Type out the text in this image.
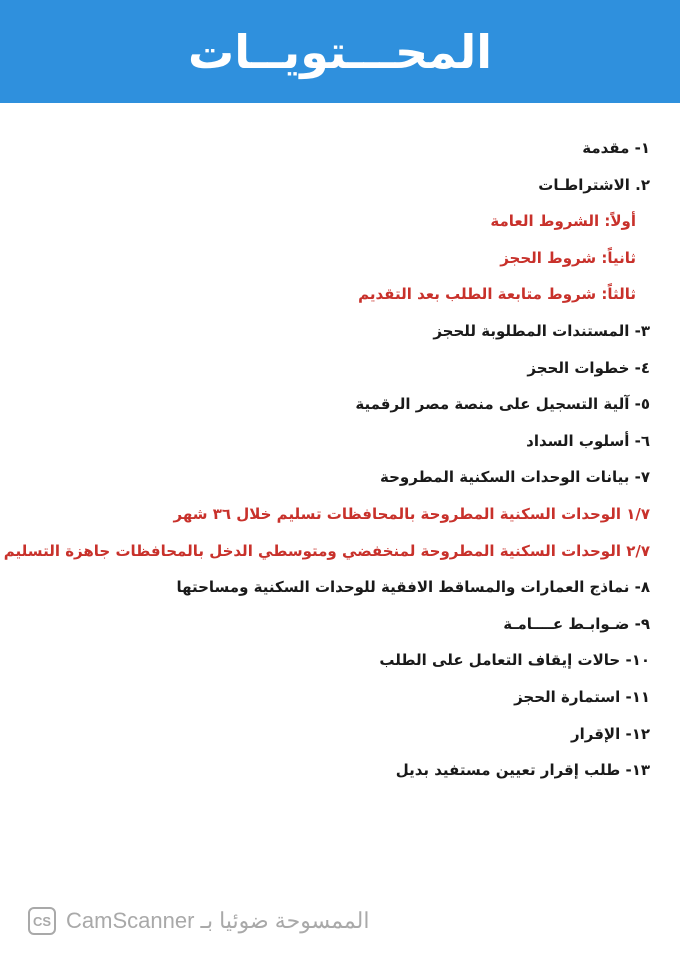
المحـــتويــات
١- مقدمة
٢. الاشتراطـات
أولاً: الشروط العامة
ثانياً: شروط الحجز
ثالثاً: شروط متابعة الطلب بعد التقديم
٣- المستندات المطلوبة للحجز
٤- خطوات الحجز
٥- آلية التسجيل على منصة مصر الرقمية
٦- أسلوب السداد
٧- بيانات الوحدات السكنية المطروحة
١/٧ الوحدات السكنية المطروحة بالمحافظات تسليم خلال ٣٦ شهر
٢/٧ الوحدات السكنية المطروحة لمنخفضي ومتوسطي الدخل بالمحافظات جاهزة التسليم
٨- نماذج العمارات والمساقط الافقية للوحدات السكنية ومساحتها
٩- ضـوابـط عــــامـة
١٠- حالات إيقاف التعامل على الطلب
١١- استمارة الحجز
١٢- الإقرار
١٣- طلب إقرار تعيين مستفيد بديل
CS الممسوحة ضوئيا بـ CamScanner
